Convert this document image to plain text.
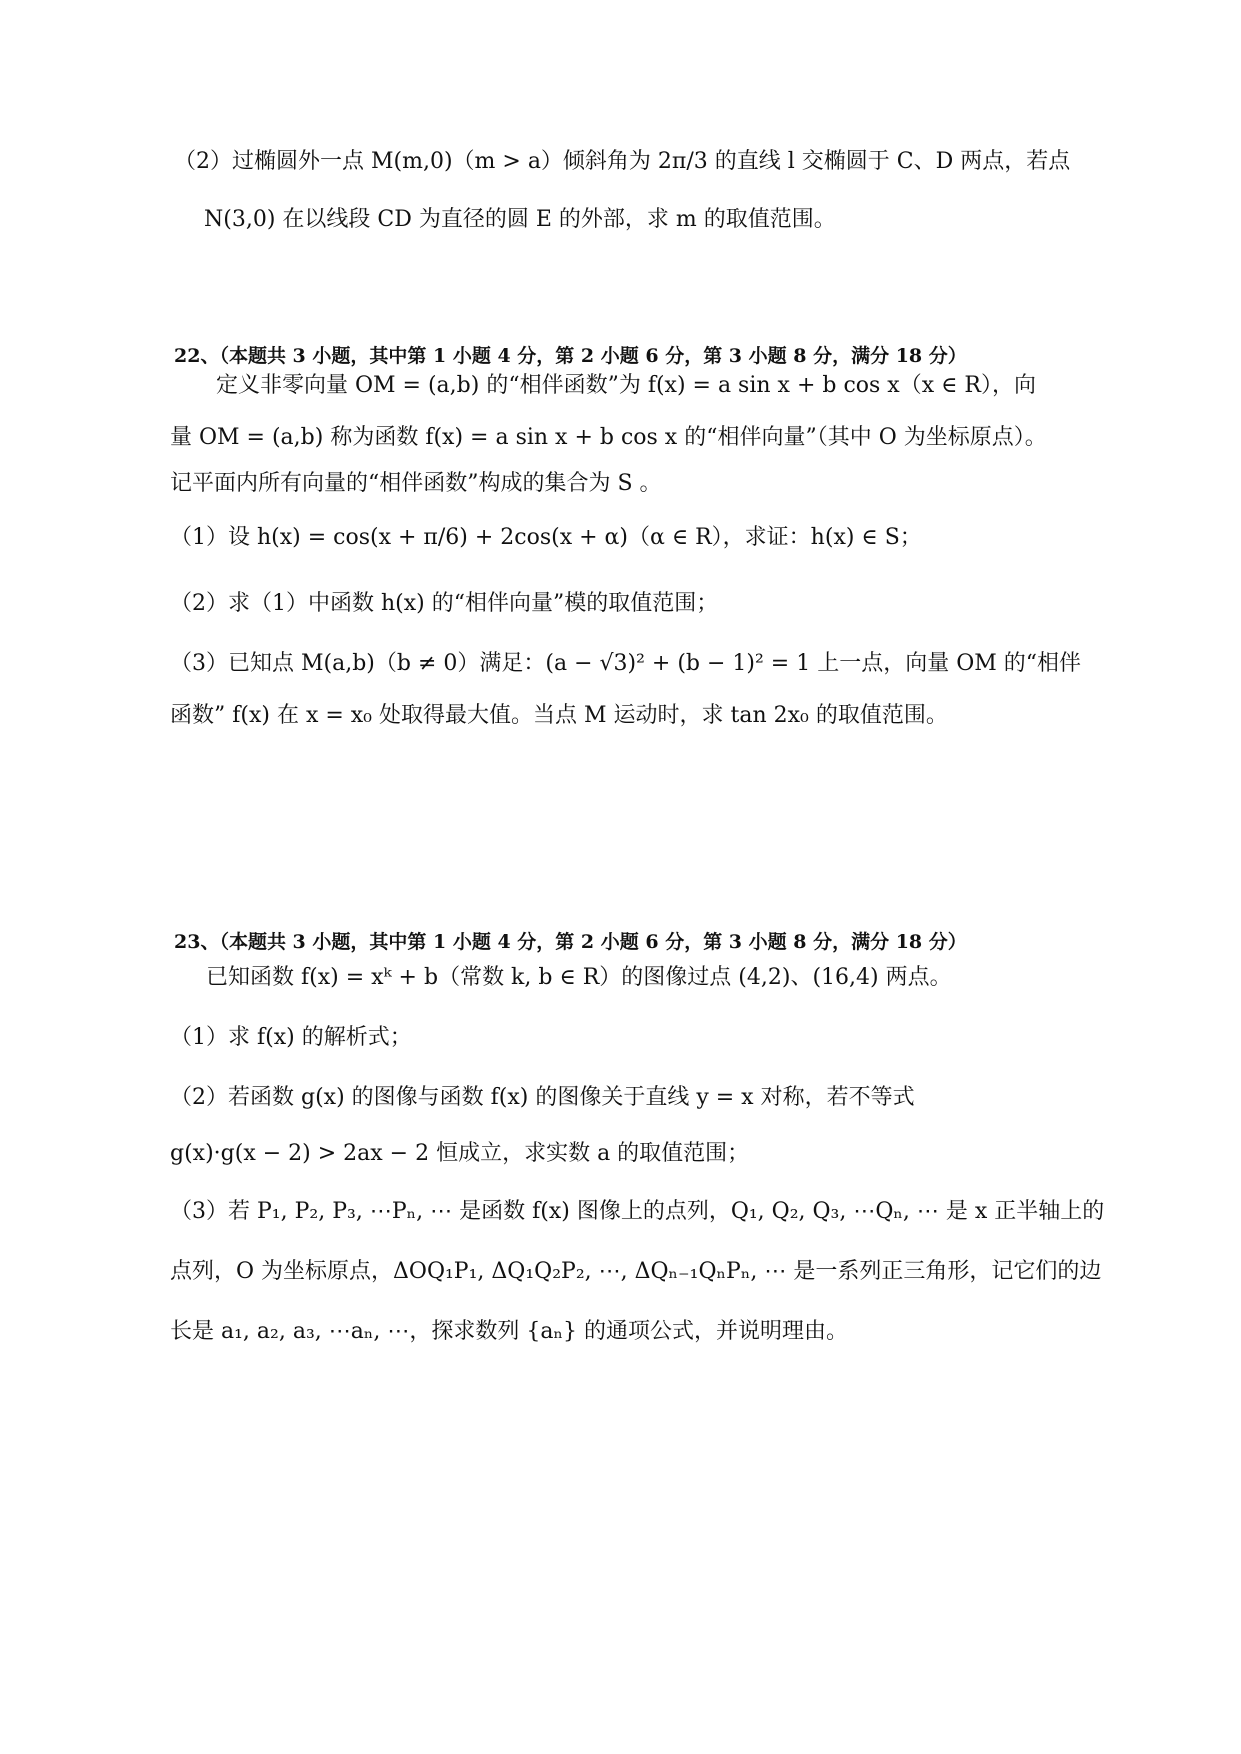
（2）过椭圆外一点 M(m,0)（m > a）倾斜角为 2π/3 的直线 l 交椭圆于 C、D 两点，若点
N(3,0) 在以线段 CD 为直径的圆 E 的外部，求 m 的取值范围。
22、（本题共 3 小题，其中第 1 小题 4 分，第 2 小题 6 分，第 3 小题 8 分，满分 18 分）
定义非零向量 OM = (a,b) 的“相伴函数”为 f(x) = a sin x + b cos x（x ∈ R），向
量 OM = (a,b) 称为函数 f(x) = a sin x + b cos x 的“相伴向量”（其中 O 为坐标原点）。
记平面内所有向量的“相伴函数”构成的集合为 S 。
（1）设 h(x) = cos(x + π/6) + 2cos(x + α)（α ∈ R），求证：h(x) ∈ S；
（2）求（1）中函数 h(x) 的“相伴向量”模的取值范围；
（3）已知点 M(a,b)（b ≠ 0）满足：(a − √3)² + (b − 1)² = 1 上一点，向量 OM 的“相伴
函数” f(x) 在 x = x₀ 处取得最大值。当点 M 运动时，求 tan 2x₀ 的取值范围。
23、（本题共 3 小题，其中第 1 小题 4 分，第 2 小题 6 分，第 3 小题 8 分，满分 18 分）
已知函数 f(x) = xᵏ + b（常数 k, b ∈ R）的图像过点 (4,2)、(16,4) 两点。
（1）求 f(x) 的解析式；
（2）若函数 g(x) 的图像与函数 f(x) 的图像关于直线 y = x 对称，若不等式
g(x)·g(x − 2) > 2ax − 2 恒成立，求实数 a 的取值范围；
（3）若 P₁, P₂, P₃, ⋯Pₙ, ⋯ 是函数 f(x) 图像上的点列，Q₁, Q₂, Q₃, ⋯Qₙ, ⋯ 是 x 正半轴上的
点列，O 为坐标原点，ΔOQ₁P₁, ΔQ₁Q₂P₂, ⋯, ΔQₙ₋₁QₙPₙ, ⋯ 是一系列正三角形，记它们的边
长是 a₁, a₂, a₃, ⋯aₙ, ⋯，探求数列 {aₙ} 的通项公式，并说明理由。
